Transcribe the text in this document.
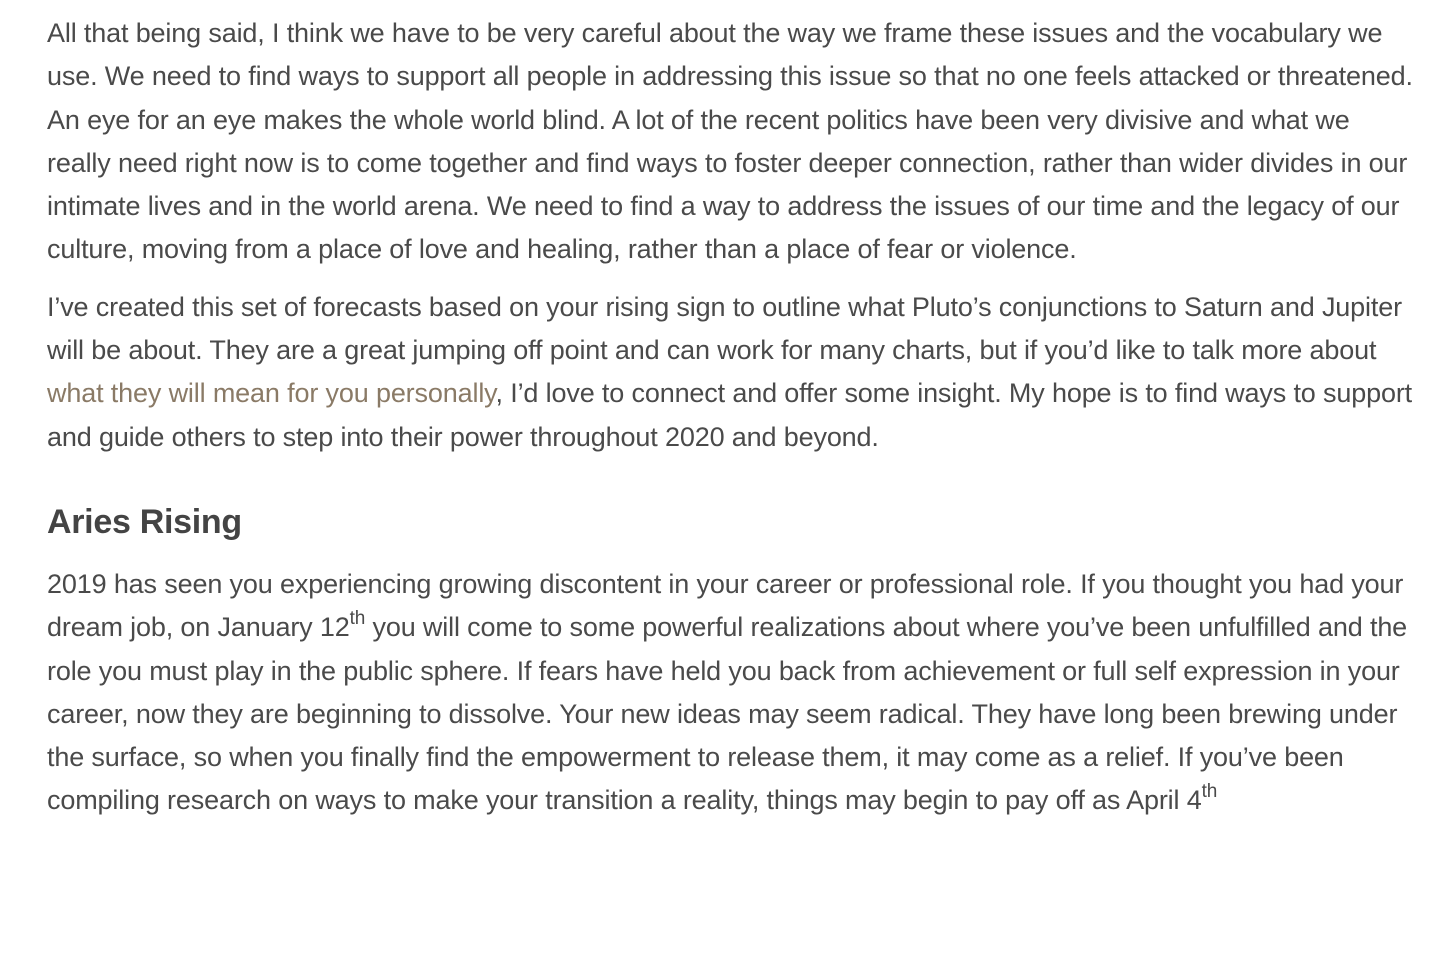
All that being said, I think we have to be very careful about the way we frame these issues and the vocabulary we use. We need to find ways to support all people in addressing this issue so that no one feels attacked or threatened. An eye for an eye makes the whole world blind. A lot of the recent politics have been very divisive and what we really need right now is to come together and find ways to foster deeper connection, rather than wider divides in our intimate lives and in the world arena. We need to find a way to address the issues of our time and the legacy of our culture, moving from a place of love and healing, rather than a place of fear or violence.

I’ve created this set of forecasts based on your rising sign to outline what Pluto’s conjunctions to Saturn and Jupiter will be about. They are a great jumping off point and can work for many charts, but if you’d like to talk more about what they will mean for you personally, I’d love to connect and offer some insight. My hope is to find ways to support and guide others to step into their power throughout 2020 and beyond.

Aries Rising

2019 has seen you experiencing growing discontent in your career or professional role. If you thought you had your dream job, on January 12th you will come to some powerful realizations about where you’ve been unfulfilled and the role you must play in the public sphere. If fears have held you back from achievement or full self expression in your career, now they are beginning to dissolve. Your new ideas may seem radical. They have long been brewing under the surface, so when you finally find the empowerment to release them, it may come as a relief. If you’ve been compiling research on ways to make your transition a reality, things may begin to pay off as April 4th
